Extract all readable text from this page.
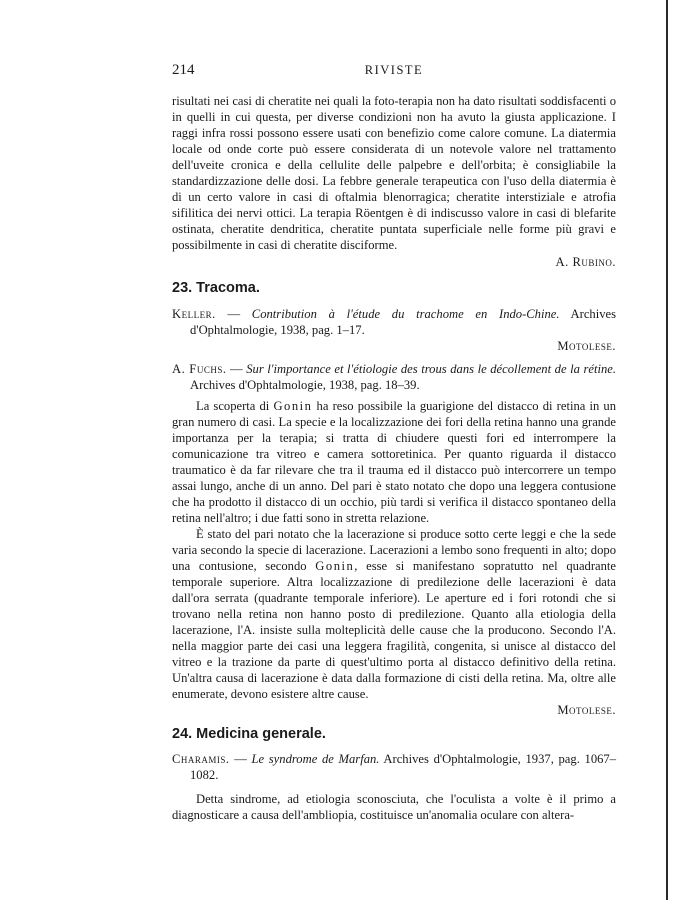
214	RIVISTE

risultati nei casi di cheratite nei quali la foto-terapia non ha dato risultati soddisfacenti o in quelli in cui questa, per diverse condizioni non ha avuto la giusta applicazione. I raggi infra rossi possono essere usati con benefizio come calore comune. La diatermia locale od onde corte può essere considerata di un notevole valore nel trattamento dell'uveite cronica e della cellulite delle palpebre e dell'orbita; è consigliabile la standardizzazione delle dosi. La febbre generale terapeutica con l'uso della diatermia è di un certo valore in casi di oftalmia blenorragica; cheratite interstiziale e atrofia sifilitica dei nervi ottici. La terapia Röentgen è di indiscusso valore in casi di blefarite ostinata, cheratite dendritica, cheratite puntata superficiale nelle forme più gravi e possibilmente in casi di cheratite disciforme.

A. Rubino.

23. Tracoma.

Keller. — Contribution à l'étude du trachome en Indo-Chine. Archives d'Ophtalmologie, 1938, pag. 1–17.

Motolese.

A. Fuchs. — Sur l'importance et l'étiologie des trous dans le décollement de la rétine. Archives d'Ophtalmologie, 1938, pag. 18–39.

La scoperta di Gonin ha reso possibile la guarigione del distacco di retina in un gran numero di casi. La specie e la localizzazione dei fori della retina hanno una grande importanza per la terapia; si tratta di chiudere questi fori ed interrompere la comunicazione tra vitreo e camera sottoretinica. Per quanto riguarda il distacco traumatico è da far rilevare che tra il trauma ed il distacco può intercorrere un tempo assai lungo, anche di un anno. Del pari è stato notato che dopo una leggera contusione che ha prodotto il distacco di un occhio, più tardi si verifica il distacco spontaneo della retina nell'altro; i due fatti sono in stretta relazione.

È stato del pari notato che la lacerazione si produce sotto certe leggi e che la sede varia secondo la specie di lacerazione. Lacerazioni a lembo sono frequenti in alto; dopo una contusione, secondo Gonin, esse si manifestano sopratutto nel quadrante temporale superiore. Altra localizzazione di predilezione delle lacerazioni è data dall'ora serrata (quadrante temporale inferiore). Le aperture ed i fori rotondi che si trovano nella retina non hanno posto di predilezione. Quanto alla etiologia della lacerazione, l'A. insiste sulla molteplicità delle cause che la producono. Secondo l'A. nella maggior parte dei casi una leggera fragilità, congenita, si unisce al distacco del vitreo e la trazione da parte di quest'ultimo porta al distacco definitivo della retina. Un'altra causa di lacerazione è data dalla formazione di cisti della retina. Ma, oltre alle enumerate, devono esistere altre cause.

Motolese.

24. Medicina generale.

Charamis. — Le syndrome de Marfan. Archives d'Ophtalmologie, 1937, pag. 1067–1082.

Detta sindrome, ad etiologia sconosciuta, che l'oculista a volte è il primo a diagnosticare a causa dell'ambliopia, costituisce un'anomalia oculare con altera-
